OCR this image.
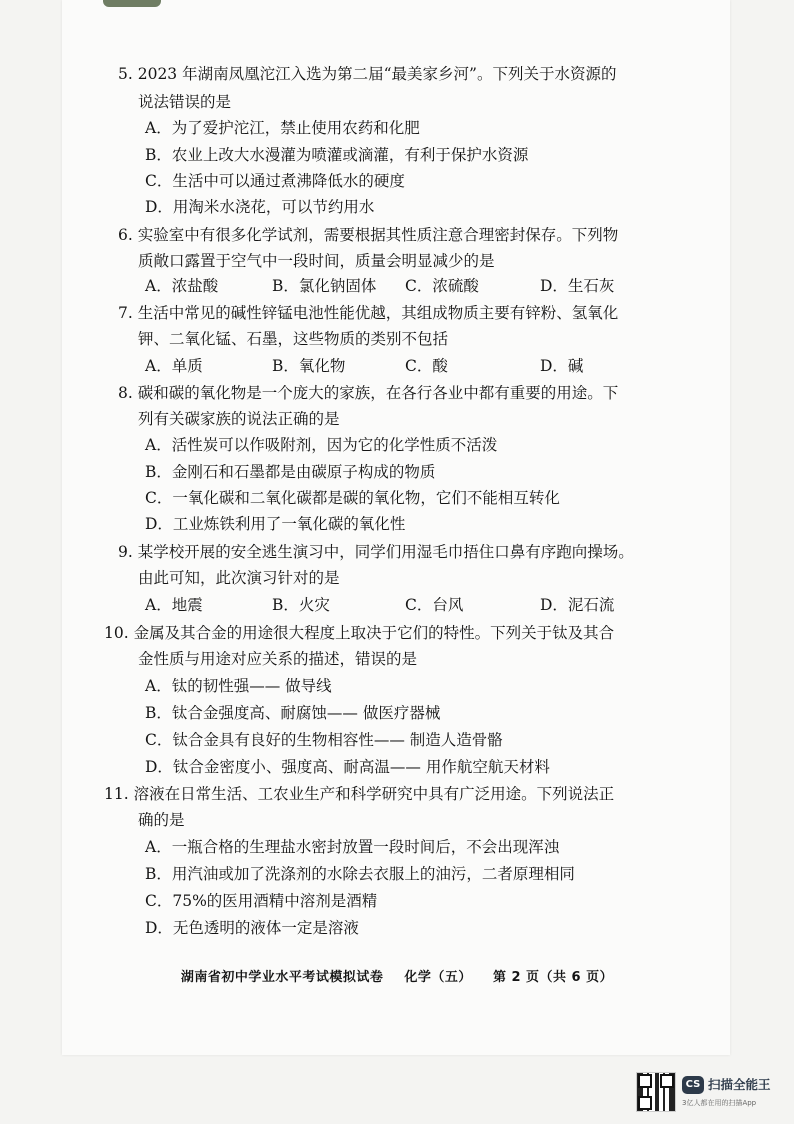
5. 2023 年湖南凤凰沱江入选为第二届“最美家乡河”。下列关于水资源的
说法错误的是
A．为了爱护沱江，禁止使用农药和化肥
B．农业上改大水漫灌为喷灌或滴灌，有利于保护水资源
C．生活中可以通过煮沸降低水的硬度
D．用淘米水浇花，可以节约用水
6. 实验室中有很多化学试剂，需要根据其性质注意合理密封保存。下列物
质敞口露置于空气中一段时间，质量会明显减少的是
A．浓盐酸	B．氯化钠固体 C．浓硫酸	D．生石灰
7. 生活中常见的碱性锌锰电池性能优越，其组成物质主要有锌粉、氢氧化
钾、二氧化锰、石墨，这些物质的类别不包括
A．单质	B．氧化物	C．酸	D．碱
8. 碳和碳的氧化物是一个庞大的家族，在各行各业中都有重要的用途。下
列有关碳家族的说法正确的是
A．活性炭可以作吸附剂，因为它的化学性质不活泼
B．金刚石和石墨都是由碳原子构成的物质
C．一氧化碳和二氧化碳都是碳的氧化物，它们不能相互转化
D．工业炼铁利用了一氧化碳的氧化性
9. 某学校开展的安全逃生演习中，同学们用湿毛巾捂住口鼻有序跑向操场。
由此可知，此次演习针对的是
A．地震	B．火灾	C．台风	D．泥石流
10. 金属及其合金的用途很大程度上取决于它们的特性。下列关于钛及其合
金性质与用途对应关系的描述，错误的是
A．钛的韧性强—— 做导线
B．钛合金强度高、耐腐蚀—— 做医疗器械
C．钛合金具有良好的生物相容性—— 制造人造骨骼
D．钛合金密度小、强度高、耐高温—— 用作航空航天材料
11. 溶液在日常生活、工农业生产和科学研究中具有广泛用途。下列说法正
确的是
A．一瓶合格的生理盐水密封放置一段时间后，不会出现浑浊
B．用汽油或加了洗涤剂的水除去衣服上的油污，二者原理相同
C．75%的医用酒精中溶剂是酒精
D．无色透明的液体一定是溶液
湖南省初中学业水平考试模拟试卷 化学（五） 第 2 页（共 6 页）
CS 扫描全能王
3亿人都在用的扫描App
